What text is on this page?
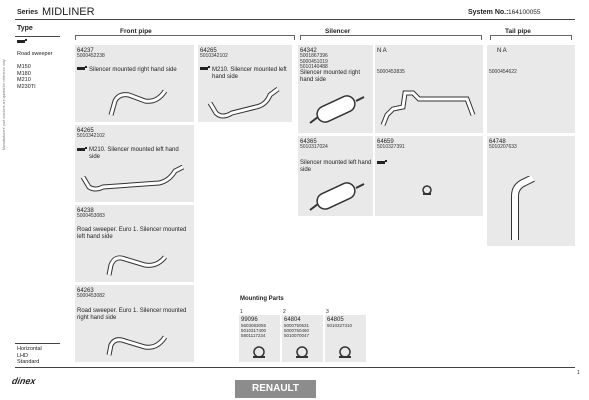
Manufacturers' part numbers are quoted for reference only
Series MIDLINER	System No.: 164100055
Type
Road sweeper
M150
M180
M210
M230TI
Front pipe	Silencer	Tail pipe
64237
5000452238
Silencer mounted right hand side
64265
5010342102
M210. Silencer mounted left hand side
64342
5001867396
5000451019
5010140488
Silencer mounted right hand side
N A
5000453835
N A
5000454622
64265
5010342102
M210. Silencer mounted left hand side
64365
5010317024
Silencer mounted left hand side
64659
5010327391
64748
5010207633
64238
5000453083
Road sweeper. Euro 1. Silencer mounted left hand side
64263
5000453082
Road sweeper. Euro 1. Silencer mounted right hand side
Mounting Parts
1	2	3
99096
5603083055
5010317400
5801117234
64804
5000750531
5000750460
5010070047
64805
5010327310
Horizontal
LHD
Standard
dinex
RENAULT
1
